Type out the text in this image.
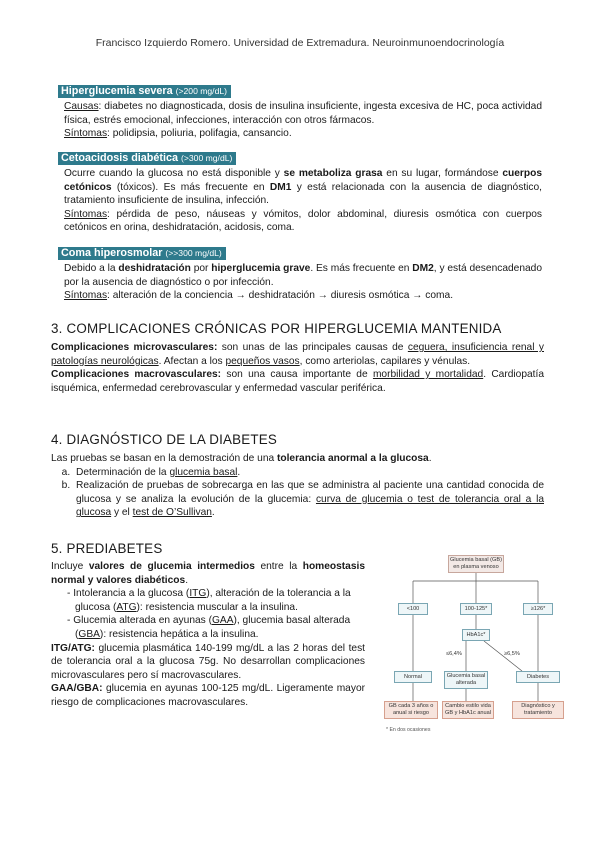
Francisco Izquierdo Romero. Universidad de Extremadura. Neuroinmunoendocrinología
Hiperglucemia severa (>200 mg/dL)

Causas: diabetes no diagnosticada, dosis de insulina insuficiente, ingesta excesiva de HC, poca actividad física, estrés emocional, infecciones, interacción con otros fármacos.

Síntomas: polidipsia, poliuria, polifagia, cansancio.

Cetoacidosis diabética (>300 mg/dL)

Ocurre cuando la glucosa no está disponible y se metaboliza grasa en su lugar, formándose cuerpos cetónicos (tóxicos). Es más frecuente en DM1 y está relacionada con la ausencia de diagnóstico, tratamiento insuficiente de insulina, infección.

Síntomas: pérdida de peso, náuseas y vómitos, dolor abdominal, diuresis osmótica con cuerpos cetónicos en orina, deshidratación, acidosis, coma.

Coma hiperosmolar (>>300 mg/dL)

Debido a la deshidratación por hiperglucemia grave. Es más frecuente en DM2, y está desencadenado por la ausencia de diagnóstico o por infección.

Síntomas: alteración de la conciencia → deshidratación → diuresis osmótica → coma.

3. COMPLICACIONES CRÓNICAS POR HIPERGLUCEMIA MANTENIDA

Complicaciones microvasculares: son unas de las principales causas de ceguera, insuficiencia renal y patologías neurológicas. Afectan a los pequeños vasos, como arteriolas, capilares y vénulas.

Complicaciones macrovasculares: son una causa importante de morbilidad y mortalidad. Cardiopatía isquémica, enfermedad cerebrovascular y enfermedad vascular periférica.

4. DIAGNÓSTICO DE LA DIABETES

Las pruebas se basan en la demostración de una tolerancia anormal a la glucosa.

a. Determinación de la glucemia basal.
b. Realización de pruebas de sobrecarga en las que se administra al paciente una cantidad conocida de glucosa y se analiza la evolución de la glucemia: curva de glucemia o test de tolerancia oral a la glucosa y el test de O’Sullivan.
5. PREDIABETES

Incluye valores de glucemia intermedios entre la homeostasis normal y valores diabéticos.

- Intolerancia a la glucosa (ITG), alteración de la tolerancia a la glucosa (ATG): resistencia muscular a la insulina.
- Glucemia alterada en ayunas (GAA), glucemia basal alterada (GBA): resistencia hepática a la insulina.

ITG/ATG: glucemia plasmática 140-199 mg/dL a las 2 horas del test de tolerancia oral a la glucosa 75g. No desarrollan complicaciones microvasculares pero sí macrovasculares.

GAA/GBA: glucemia en ayunas 100-125 mg/dL. Ligeramente mayor riesgo de complicaciones macrovasculares.

Glucemia basal (GB) en plasma venoso
<100	100-125*	≥126*
HbA1c*
≤6,4%	≥6,5%
Normal	Glucemia basal alterada
Diabetes
GB cada 3 años o anual si riesgo
Cambio estilo vida GB y HbA1c anual
Diagnóstico y tratamiento
* En dos ocasiones
